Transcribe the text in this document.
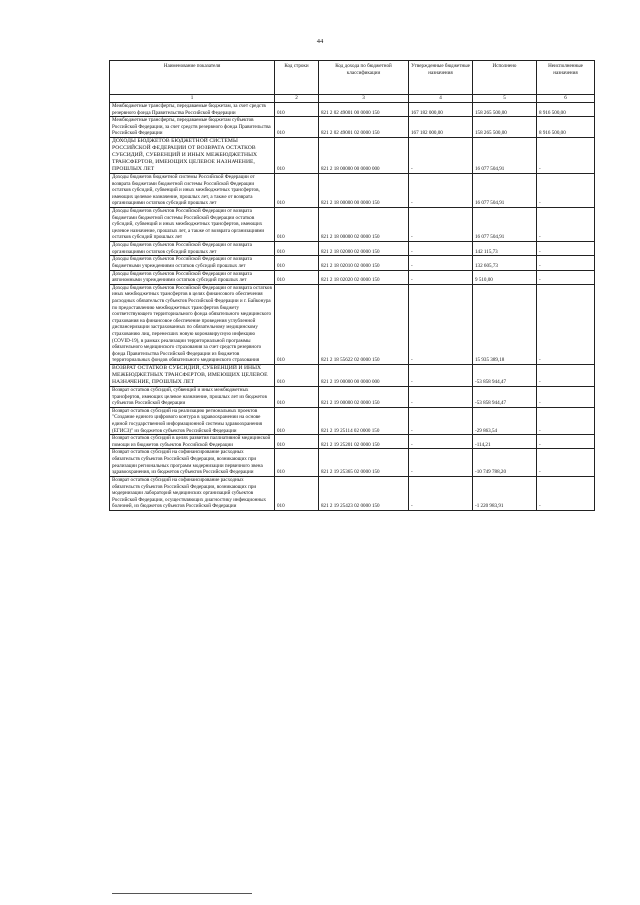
44
Наименование показателя	Код строки	Код дохода по бюджетной классификации	Утвержденные бюджетные назначения	Исполнено	Неисполненные назначения
1	2	3	4	5	6
Межбюджетные трансферты, передаваемые бюджетам, за счет средств резервного фонда Правительства Российской Федерации	010	821 2 02 49001 00 0000 150	167 182 000,00	158 265 500,00	8 916 500,00
Межбюджетные трансферты, передаваемые бюджетам субъектов Российской Федерации, за счет средств резервного фонда Правительства Российской Федерации	010	821 2 02 49001 02 0000 150	167 182 000,00	158 265 500,00	8 916 500,00
ДОХОДЫ БЮДЖЕТОВ БЮДЖЕТНОЙ СИСТЕМЫ РОССИЙСКОЙ ФЕДЕРАЦИИ ОТ ВОЗВРАТА ОСТАТКОВ СУБСИДИЙ, СУБВЕНЦИЙ И ИНЫХ МЕЖБЮДЖЕТНЫХ ТРАНСФЕРТОВ, ИМЕЮЩИХ ЦЕЛЕВОЕ НАЗНАЧЕНИЕ, ПРОШЛЫХ ЛЕТ	010	821 2 18 00000 00 0000 000	-	16 077 504,91	-
Доходы бюджетов бюджетной системы Российской Федерации от возврата бюджетами бюджетной системы Российской Федерации остатков субсидий, субвенций и иных межбюджетных трансфертов, имеющих целевое назначение, прошлых лет, а также от возврата организациями остатков субсидий прошлых лет	010	821 2 18 00000 00 0000 150	-	16 077 504,91	-
Доходы бюджетов субъектов Российской Федерации от возврата бюджетами бюджетной системы Российской Федерации остатков субсидий, субвенций и иных межбюджетных трансфертов, имеющих целевое назначение, прошлых лет, а также от возврата организациями остатков субсидий прошлых лет	010	821 2 18 00000 02 0000 150	-	16 077 504,91	-
Доходы бюджетов субъектов Российской Федерации от возврата организациями остатков субсидий прошлых лет	010	821 2 18 02000 02 0000 150	-	142 115,73	-
Доходы бюджетов субъектов Российской Федерации от возврата бюджетными учреждениями остатков субсидий прошлых лет	010	821 2 18 02010 02 0000 150	-	132 605,73	-
Доходы бюджетов субъектов Российской Федерации от возврата автономными учреждениями остатков субсидий прошлых лет	010	821 2 18 02020 02 0000 150	-	9 510,00	-
Доходы бюджетов субъектов Российской Федерации от возврата остатков иных межбюджетных трансфертов в целях финансового обеспечения расходных обязательств субъектов Российской Федерации и г. Байконура по предоставлению межбюджетных трансфертов бюджету соответствующего территориального фонда обязательного медицинского страхования на финансовое обеспечение проведения углубленной диспансеризации застрахованных по обязательному медицинскому страхованию лиц, перенесших новую коронавирусную инфекцию (COVID-19), в рамках реализации территориальной программы обязательного медицинского страхования за счет средств резервного фонда Правительства Российской Федерации из бюджетов территориальных фондов обязательного медицинского страхования	010	821 2 18 55622 02 0000 150	-	15 935 389,18	-
ВОЗВРАТ ОСТАТКОВ СУБСИДИЙ, СУБВЕНЦИЙ И ИНЫХ МЕЖБЮДЖЕТНЫХ ТРАНСФЕРТОВ, ИМЕЮЩИХ ЦЕЛЕВОЕ НАЗНАЧЕНИЕ, ПРОШЛЫХ ЛЕТ	010	821 2 19 00000 00 0000 000	-	-53 858 944,47	-
Возврат остатков субсидий, субвенций и иных межбюджетных трансфертов, имеющих целевое назначение, прошлых лет из бюджетов субъектов Российской Федерации	010	821 2 19 00000 02 0000 150	-	-53 858 944,47	-
Возврат остатков субсидий на реализацию региональных проектов "Создание единого цифрового контура в здравоохранении на основе единой государственной информационной системы здравоохранения (ЕГИСЗ)" из бюджетов субъектов Российской Федерации	010	821 2 19 25114 02 0000 150	-	-29 863,54	-
Возврат остатков субсидий в целях развития паллиативной медицинской помощи из бюджетов субъектов Российской Федерации	010	821 2 19 25201 02 0000 150	-	-114,21	-
Возврат остатков субсидий на софинансирование расходных обязательств субъектов Российской Федерации, возникающих при реализации региональных программ модернизации первичного звена здравоохранения, из бюджетов субъектов Российской Федерации	010	821 2 19 25365 02 0000 150	-	-10 749 788,20	-
Возврат остатков субсидий на софинансирование расходных обязательств субъектов Российской Федерации, возникающих при модернизации лабораторий медицинских организаций субъектов Российской Федерации, осуществляющих диагностику инфекционных болезней, из бюджетов субъектов Российской Федерации	010	821 2 19 25423 02 0000 150	-	-1 220 983,91	-
